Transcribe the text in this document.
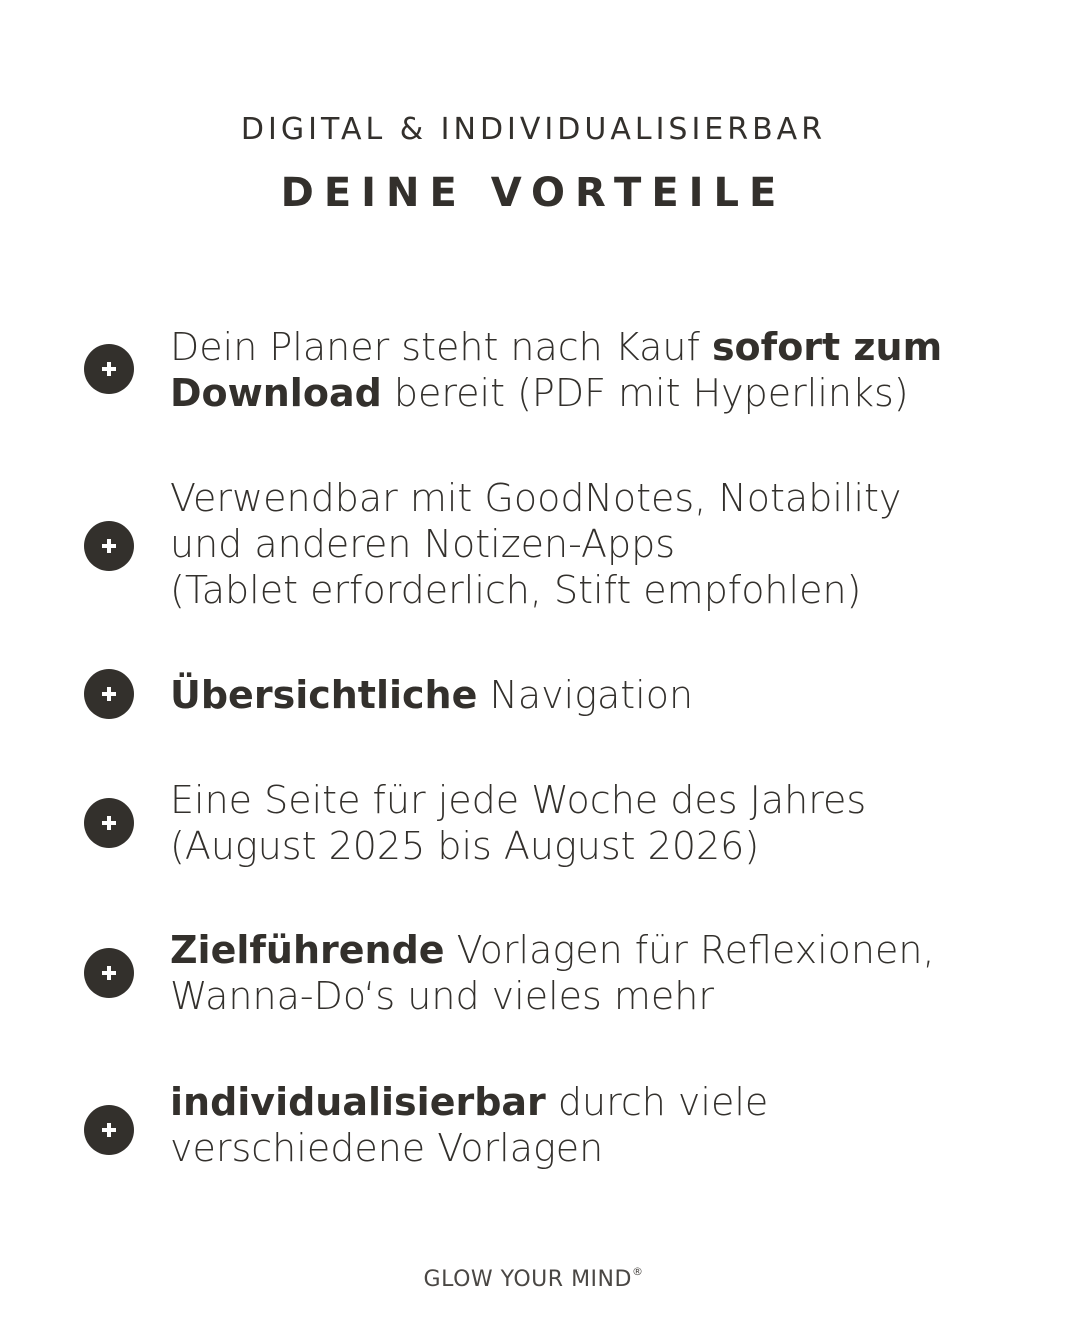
DIGITAL & INDIVIDUALISIERBAR
DEINE VORTEILE
Dein Planer steht nach Kauf sofort zum
Download bereit (PDF mit Hyperlinks)
Verwendbar mit GoodNotes, Notability
und anderen Notizen-Apps
(Tablet erforderlich, Stift empfohlen)
Übersichtliche Navigation
Eine Seite für jede Woche des Jahres
(August 2025 bis August 2026)
Zielführende Vorlagen für Reflexionen,
Wanna-Do‘s und vieles mehr
individualisierbar durch viele
verschiedene Vorlagen
GLOW YOUR MIND®
